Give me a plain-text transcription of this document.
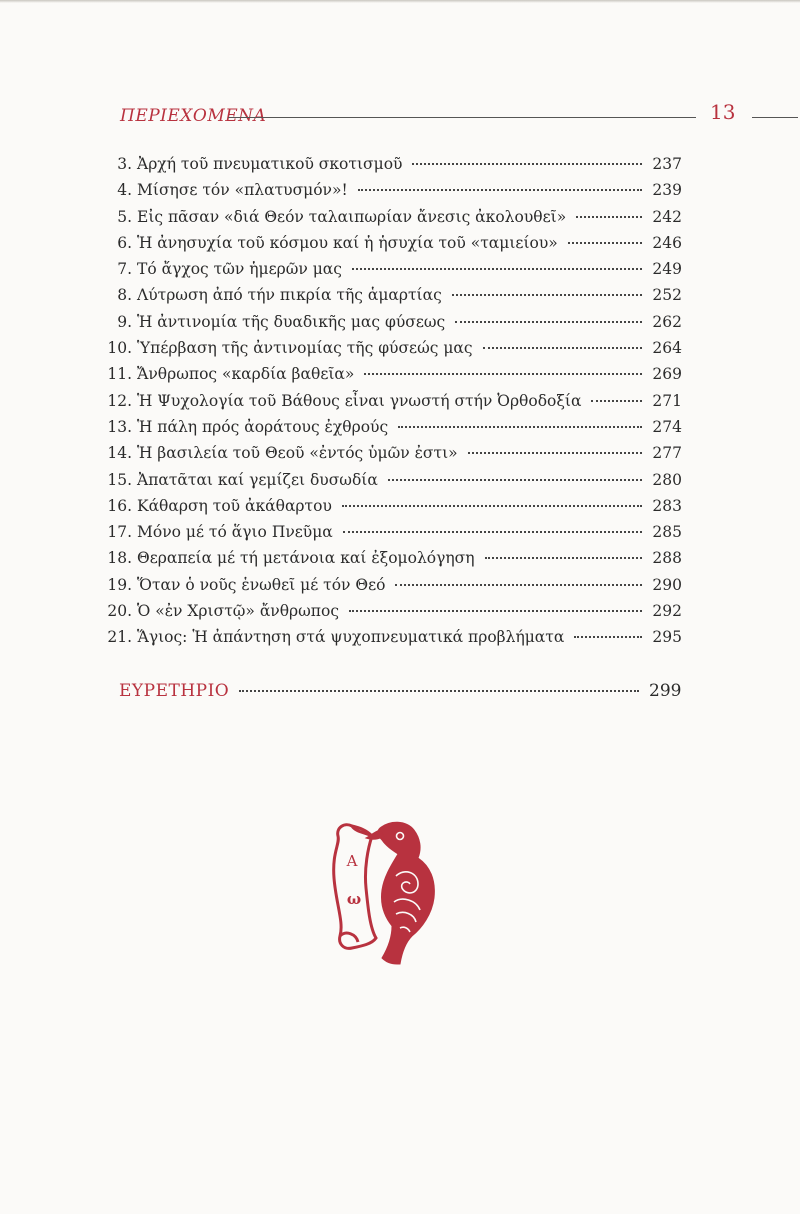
ΠΕΡΙΕΧΟΜΕΝΑ	13
3. Ἀρχή τοῦ πνευματικοῦ σκοτισμοῦ	237
4. Μίσησε τόν «πλατυσμόν»!	239
5. Εἰς πᾶσαν «διά Θεόν ταλαιπωρίαν ἄνεσις ἀκολουθεῖ»	242
6. Ἡ ἀνησυχία τοῦ κόσμου καί ἡ ἡσυχία τοῦ «ταμιείου»	246
7. Τό ἄγχος τῶν ἡμερῶν μας	249
8. Λύτρωση ἀπό τήν πικρία τῆς ἁμαρτίας	252
9. Ἡ ἀντινομία τῆς δυαδικῆς μας φύσεως	262
10. Ὑπέρβαση τῆς ἀντινομίας τῆς φύσεώς μας	264
11. Ἄνθρωπος «καρδία βαθεῖα»	269
12. Ἡ Ψυχολογία τοῦ Βάθους εἶναι γνωστή στήν Ὀρθοδοξία	271
13. Ἡ πάλη πρός ἀοράτους ἐχθρούς	274
14. Ἡ βασιλεία τοῦ Θεοῦ «ἐντός ὑμῶν ἐστι»	277
15. Ἀπατᾶται καί γεμίζει δυσωδία	280
16. Κάθαρση τοῦ ἀκάθαρτου	283
17. Μόνο μέ τό ἅγιο Πνεῦμα	285
18. Θεραπεία μέ τή μετάνοια καί ἐξομολόγηση	288
19. Ὅταν ὁ νοῦς ἑνωθεῖ μέ τόν Θεό	290
20. Ὁ «ἐν Χριστῷ» ἄνθρωπος	292
21. Ἅγιος: Ἡ ἀπάντηση στά ψυχοπνευματικά προβλήματα	295
ΕΥΡΕΤΗΡΙΟ	299
Α
ω
